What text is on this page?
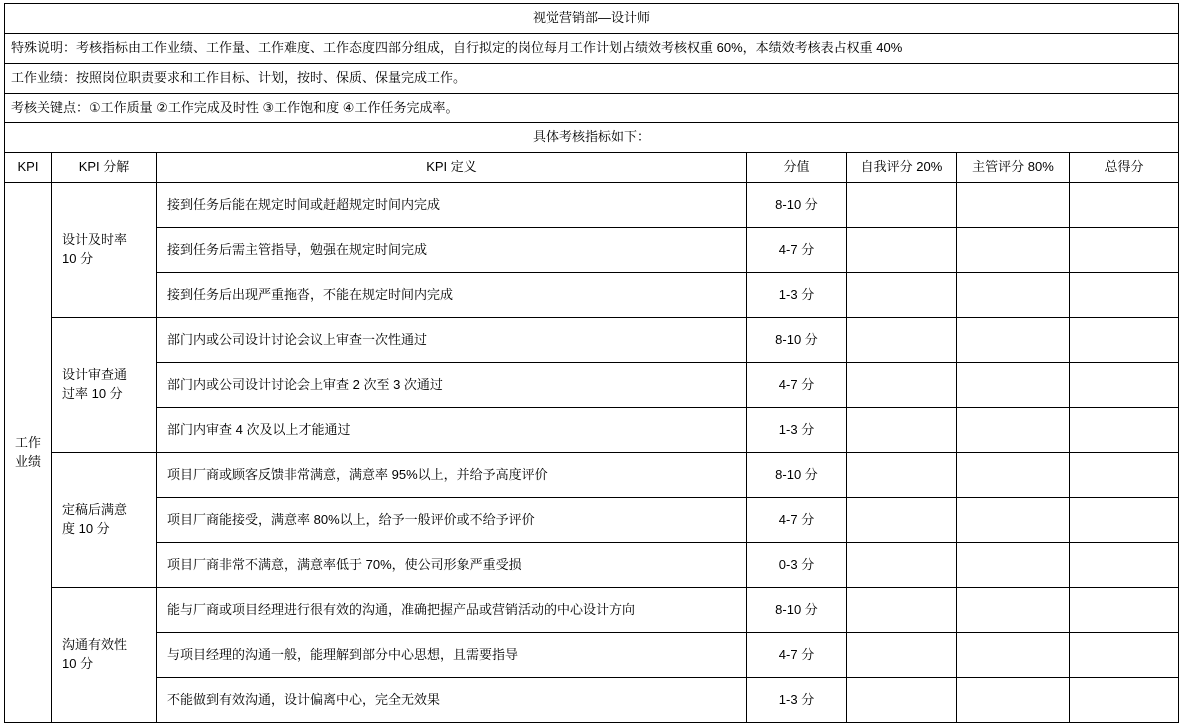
视觉营销部—设计师						
特殊说明：考核指标由工作业绩、工作量、工作难度、工作态度四部分组成，自行拟定的岗位每月工作计划占绩效考核权重 60%，本绩效考核表占权重 40%						
工作业绩：按照岗位职责要求和工作目标、计划，按时、保质、保量完成工作。						
考核关键点：①工作质量 ②工作完成及时性 ③工作饱和度 ④工作任务完成率。						
具体考核指标如下：						
KPI	KPI 分解	KPI 定义	分值	自我评分 20%	主管评分 80%	总得分
工作
业绩	设计及时率
10 分	接到任务后能在规定时间或赶超规定时间内完成	8-10 分			
		接到任务后需主管指导，勉强在规定时间完成	4-7 分			
		接到任务后出现严重拖沓，不能在规定时间内完成	1-3 分			
	设计审查通
过率 10 分	部门内或公司设计讨论会议上审查一次性通过	8-10 分			
		部门内或公司设计讨论会上审查 2 次至 3 次通过	4-7 分			
		部门内审查 4 次及以上才能通过	1-3 分			
	定稿后满意
度 10 分	项目厂商或顾客反馈非常满意，满意率 95%以上，并给予高度评价	8-10 分			
		项目厂商能接受，满意率 80%以上，给予一般评价或不给予评价	4-7 分			
		项目厂商非常不满意，满意率低于 70%，使公司形象严重受损	0-3 分			
	沟通有效性
10 分	能与厂商或项目经理进行很有效的沟通，准确把握产品或营销活动的中心设计方向	8-10 分			
		与项目经理的沟通一般，能理解到部分中心思想，且需要指导	4-7 分			
		不能做到有效沟通，设计偏离中心，完全无效果	1-3 分			
